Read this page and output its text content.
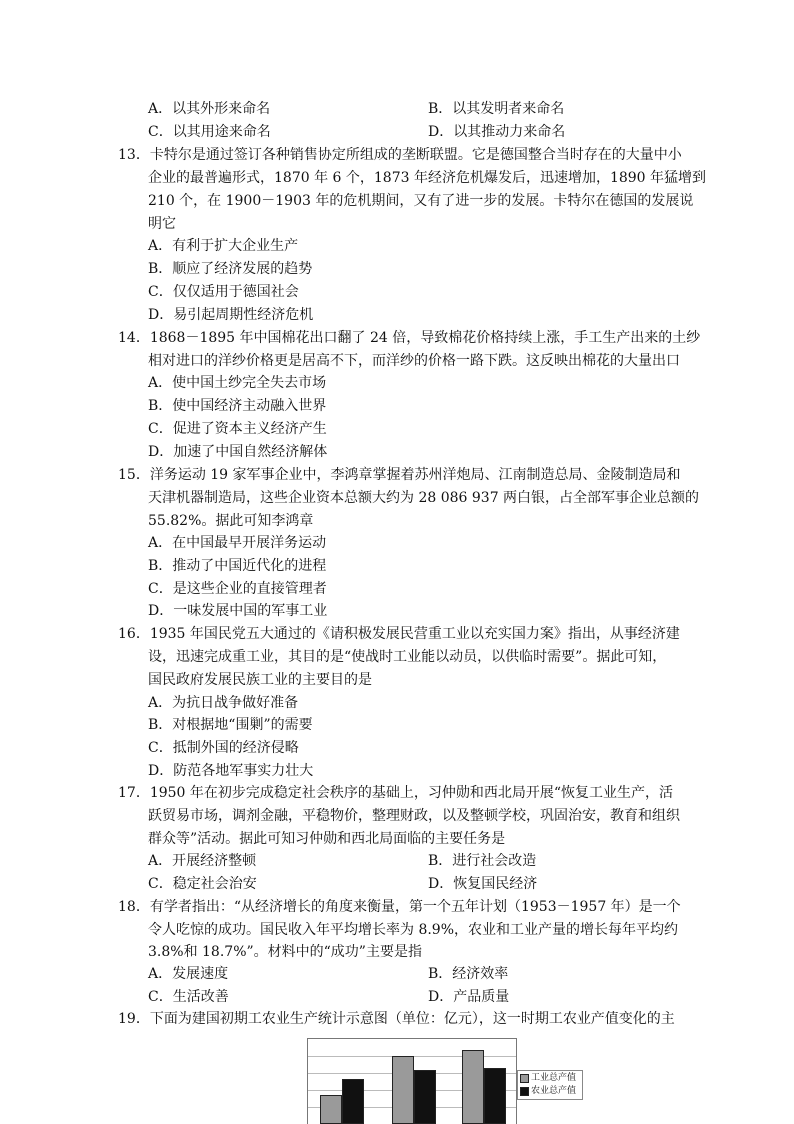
A．以其外形来命名	B．以其发明者来命名
C．以其用途来命名	D．以其推动力来命名
13．卡特尔是通过签订各种销售协定所组成的垄断联盟。它是德国整合当时存在的大量中小
企业的最普遍形式，1870 年 6 个，1873 年经济危机爆发后，迅速增加，1890 年猛增到
210 个，在 1900－1903 年的危机期间，又有了进一步的发展。卡特尔在德国的发展说
明它
A．有利于扩大企业生产
B．顺应了经济发展的趋势
C．仅仅适用于德国社会
D．易引起周期性经济危机
14．1868－1895 年中国棉花出口翻了 24 倍，导致棉花价格持续上涨，手工生产出来的土纱
相对进口的洋纱价格更是居高不下，而洋纱的价格一路下跌。这反映出棉花的大量出口
A．使中国土纱完全失去市场
B．使中国经济主动融入世界
C．促进了资本主义经济产生
D．加速了中国自然经济解体
15．洋务运动 19 家军事企业中，李鸿章掌握着苏州洋炮局、江南制造总局、金陵制造局和
天津机器制造局，这些企业资本总额大约为 28 086 937 两白银，占全部军事企业总额的
55.82%。据此可知李鸿章
A．在中国最早开展洋务运动
B．推动了中国近代化的进程
C．是这些企业的直接管理者
D．一味发展中国的军事工业
16．1935 年国民党五大通过的《请积极发展民营重工业以充实国力案》指出，从事经济建
设，迅速完成重工业，其目的是“使战时工业能以动员，以供临时需要”。据此可知，
国民政府发展民族工业的主要目的是
A．为抗日战争做好准备
B．对根据地“围剿”的需要
C．抵制外国的经济侵略
D．防范各地军事实力壮大
17．1950 年在初步完成稳定社会秩序的基础上，习仲勋和西北局开展“恢复工业生产，活
跃贸易市场，调剂金融，平稳物价，整理财政，以及整顿学校，巩固治安，教育和组织
群众等”活动。据此可知习仲勋和西北局面临的主要任务是
A．开展经济整顿	B．进行社会改造
C．稳定社会治安	D．恢复国民经济
18．有学者指出：“从经济增长的角度来衡量，第一个五年计划（1953－1957 年）是一个
令人吃惊的成功。国民收入年平均增长率为 8.9%，农业和工业产量的增长每年平均约
3.8%和 18.7%”。材料中的“成功”主要是指
A．发展速度	B．经济效率
C．生活改善	D．产品质量
19．下面为建国初期工农业生产统计示意图（单位：亿元），这一时期工农业产值变化的主
工业总产值
农业总产值
